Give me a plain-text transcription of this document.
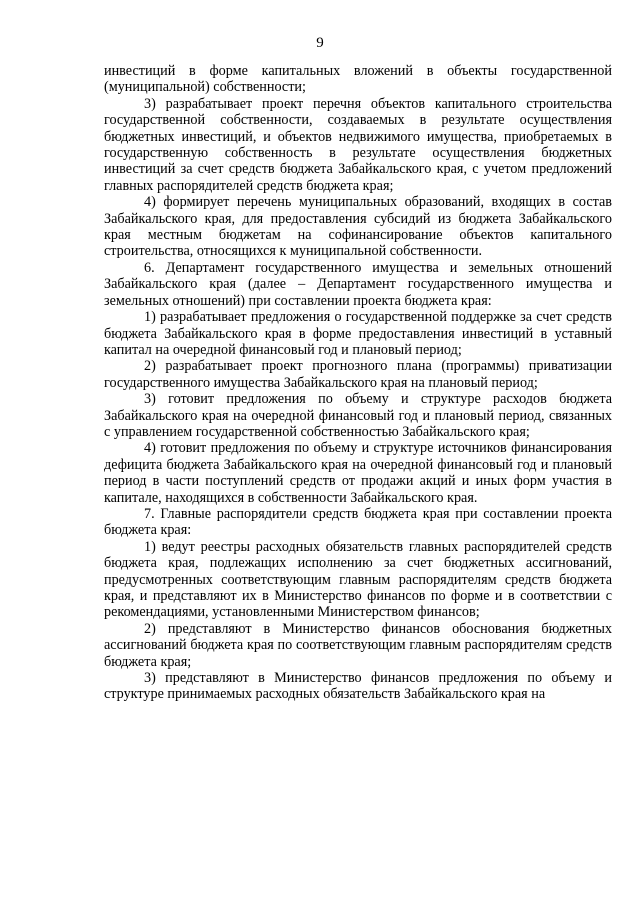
9

инвестиций в форме капитальных вложений в объекты государственной (муниципальной) собственности;

3) разрабатывает проект перечня объектов капитального строительства государственной собственности, создаваемых в результате осуществления бюджетных инвестиций, и объектов недвижимого имущества, приобретаемых в государственную собственность в результате осуществления бюджетных инвестиций за счет средств бюджета Забайкальского края, с учетом предложений главных распорядителей средств бюджета края;

4) формирует перечень муниципальных образований, входящих в состав Забайкальского края, для предоставления субсидий из бюджета Забайкальского края местным бюджетам на софинансирование объектов капитального строительства, относящихся к муниципальной собственности.

6. Департамент государственного имущества и земельных отношений Забайкальского края (далее – Департамент государственного имущества и земельных отношений) при составлении проекта бюджета края:

1) разрабатывает предложения о государственной поддержке за счет средств бюджета Забайкальского края в форме предоставления инвестиций в уставный капитал на очередной финансовый год и плановый период;

2) разрабатывает проект прогнозного плана (программы) приватизации государственного имущества Забайкальского края на плановый период;

3) готовит предложения по объему и структуре расходов бюджета Забайкальского края на очередной финансовый год и плановый период, связанных с управлением государственной собственностью Забайкальского края;

4) готовит предложения по объему и структуре источников финансирования дефицита бюджета Забайкальского края на очередной финансовый год и плановый период в части поступлений средств от продажи акций и иных форм участия в капитале, находящихся в собственности Забайкальского края.

7. Главные распорядители средств бюджета края при составлении проекта бюджета края:

1) ведут реестры расходных обязательств главных распорядителей средств бюджета края, подлежащих исполнению за счет бюджетных ассигнований, предусмотренных соответствующим главным распорядителям средств бюджета края, и представляют их в Министерство финансов по форме и в соответствии с рекомендациями, установленными Министерством финансов;

2) представляют в Министерство финансов обоснования бюджетных ассигнований бюджета края по соответствующим главным распорядителям средств бюджета края;

3) представляют в Министерство финансов предложения по объему и структуре принимаемых расходных обязательств Забайкальского края на
